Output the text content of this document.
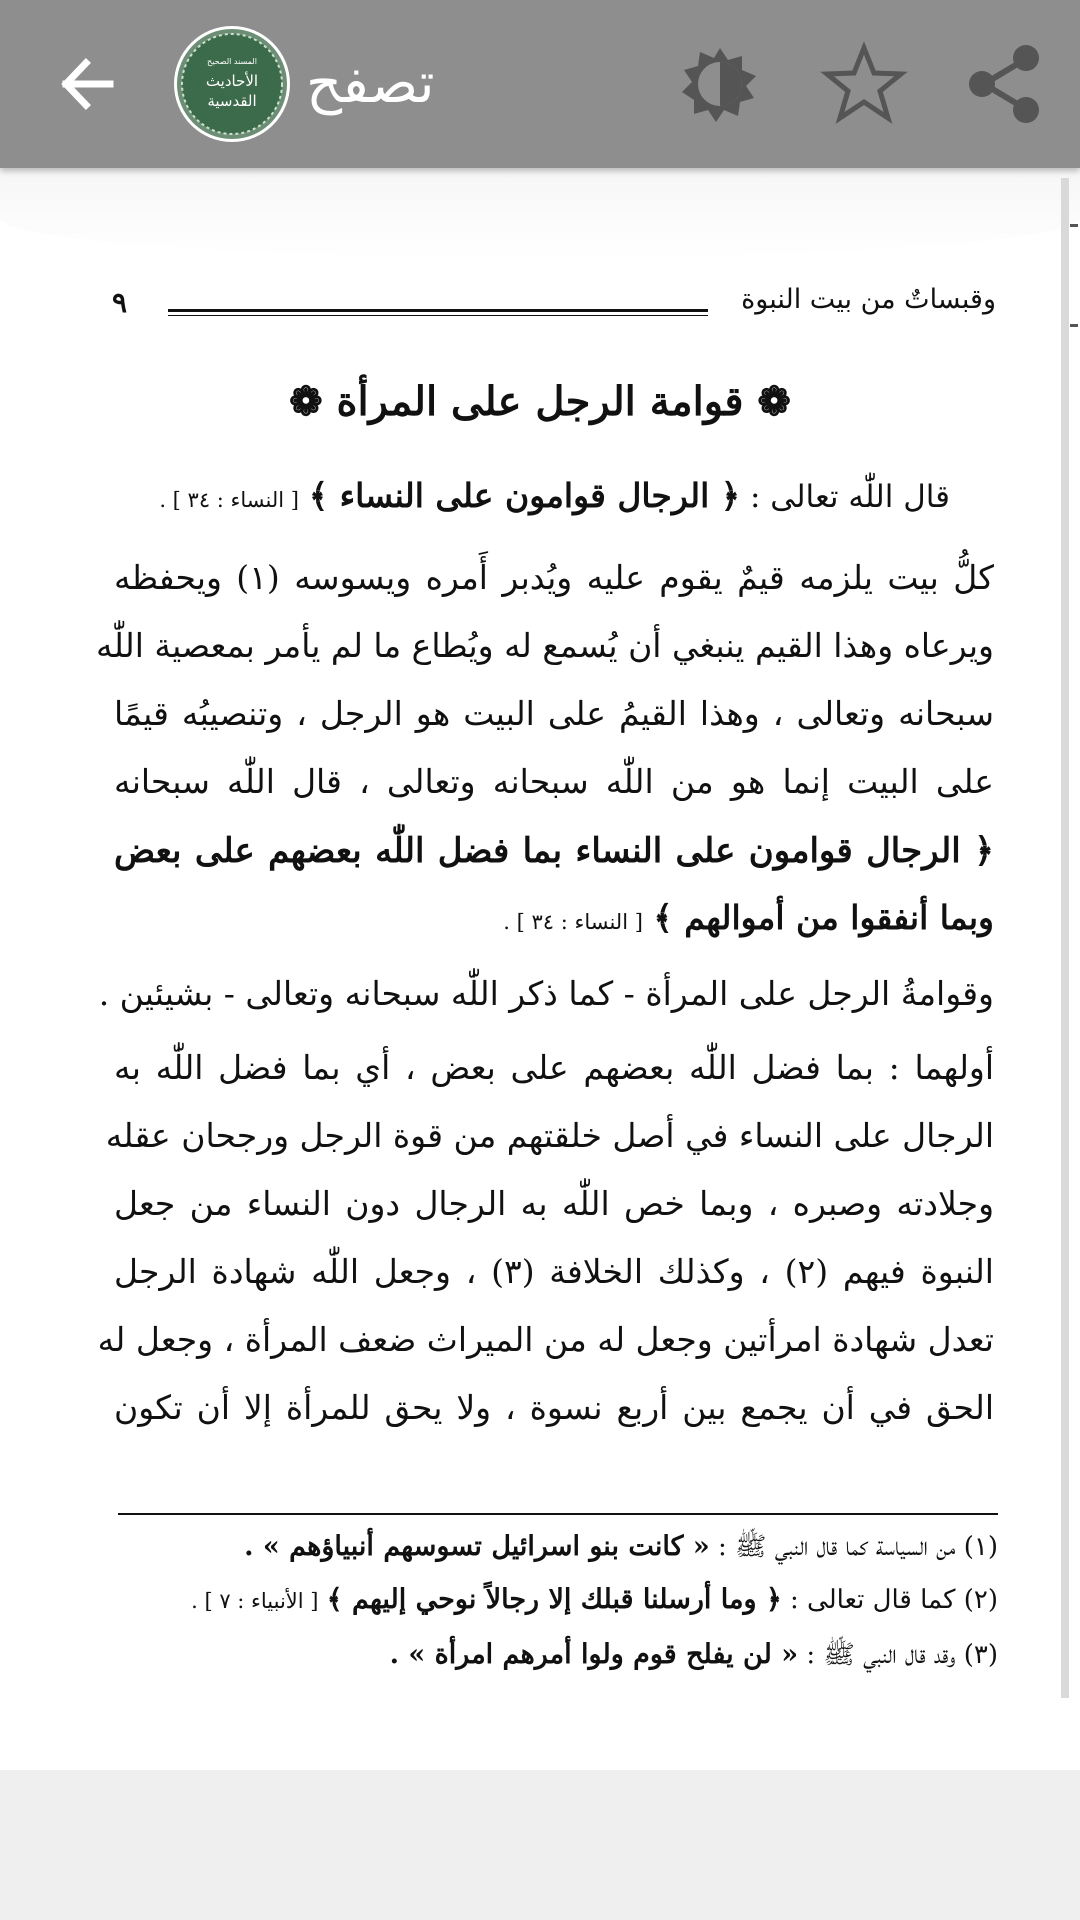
المسند الصحيح
الأحاديث
القدسية تصفح
وقبساتٌ من بيت النبوة
٩
❁ قوامة الرجل على المرأة ❁
قال اللّٰه تعالى : ﴿ الرجال قوامون على النساء ﴾ [ النساء : ٣٤ ] .
كلُّ بيت يلزمه قيمٌ يقوم عليه ويُدبر أَمره ويسوسه (١) ويحفظه
ويرعاه وهذا القيم ينبغي أن يُسمع له ويُطاع ما لم يأمر بمعصية اللّٰه
سبحانه وتعالى ، وهذا القيمُ على البيت هو الرجل ، وتنصيبُه قيمًا
على البيت إنما هو من اللّٰه سبحانه وتعالى ، قال اللّٰه سبحانه
﴿ الرجال قوامون على النساء بما فضل اللّٰه بعضهم على بعض
وبما أنفقوا من أموالهم ﴾ [ النساء : ٣٤ ] .
وقوامةُ الرجل على المرأة - كما ذكر اللّٰه سبحانه وتعالى - بشيئين .
أولهما : بما فضل اللّٰه بعضهم على بعض ، أي بما فضل اللّٰه به
الرجال على النساء في أصل خلقتهم من قوة الرجل ورجحان عقله
وجلادته وصبره ، وبما خص اللّٰه به الرجال دون النساء من جعل
النبوة فيهم (٢) ، وكذلك الخلافة (٣) ، وجعل اللّٰه شهادة الرجل
تعدل شهادة امرأتين وجعل له من الميراث ضعف المرأة ، وجعل له
الحق في أن يجمع بين أربع نسوة ، ولا يحق للمرأة إلا أن تكون
(١) من السياسة كما قال النبي ﷺ : « كانت بنو اسرائيل تسوسهم أنبياؤهم » .
(٢) كما قال تعالى : ﴿ وما أرسلنا قبلك إلا رجالاً نوحي إليهم ﴾ [ الأنبياء : ٧ ] .
(٣) وقد قال النبي ﷺ : « لن يفلح قوم ولوا أمرهم امرأة » .
